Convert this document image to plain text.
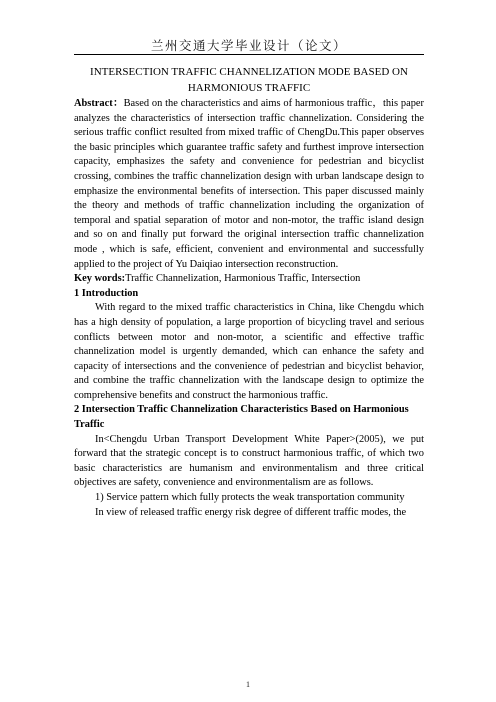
兰州交通大学毕业设计（论文）

INTERSECTION TRAFFIC CHANNELIZATION MODE BASED ON HARMONIOUS TRAFFIC

Abstract：Based on the characteristics and aims of harmonious traffic，this paper analyzes the characteristics of intersection traffic channelization. Considering the serious traffic conflict resulted from mixed traffic of ChengDu.This paper observes the basic principles which guarantee traffic safety and furthest improve intersection capacity, emphasizes the safety and convenience for pedestrian and bicyclist crossing, combines the traffic channelization design with urban landscape design to emphasize the environmental benefits of intersection. This paper discussed mainly the theory and methods of traffic channelization including the organization of temporal and spatial separation of motor and non-motor, the traffic island design and so on and finally put forward the original intersection traffic channelization mode , which is safe, efficient, convenient and environmental and successfully applied to the project of Yu Daiqiao intersection reconstruction.

Key words:Traffic Channelization, Harmonious Traffic, Intersection

1 Introduction

With regard to the mixed traffic characteristics in China, like Chengdu which has a high density of population, a large proportion of bicycling travel and serious conflicts between motor and non-motor, a scientific and effective traffic channelization model is urgently demanded, which can enhance the safety and capacity of intersections and the convenience of pedestrian and bicyclist behavior, and combine the traffic channelization with the landscape design to optimize the comprehensive benefits and construct the harmonious traffic.

2 Intersection Traffic Channelization Characteristics Based on Harmonious Traffic

In<Chengdu Urban Transport Development White Paper>(2005), we put forward that the strategic concept is to construct harmonious traffic, of which two basic characteristics are humanism and environmentalism and three critical objectives are safety, convenience and environmentalism are as follows.

1) Service pattern which fully protects the weak transportation community

In view of released traffic energy risk degree of different traffic modes, the

1
